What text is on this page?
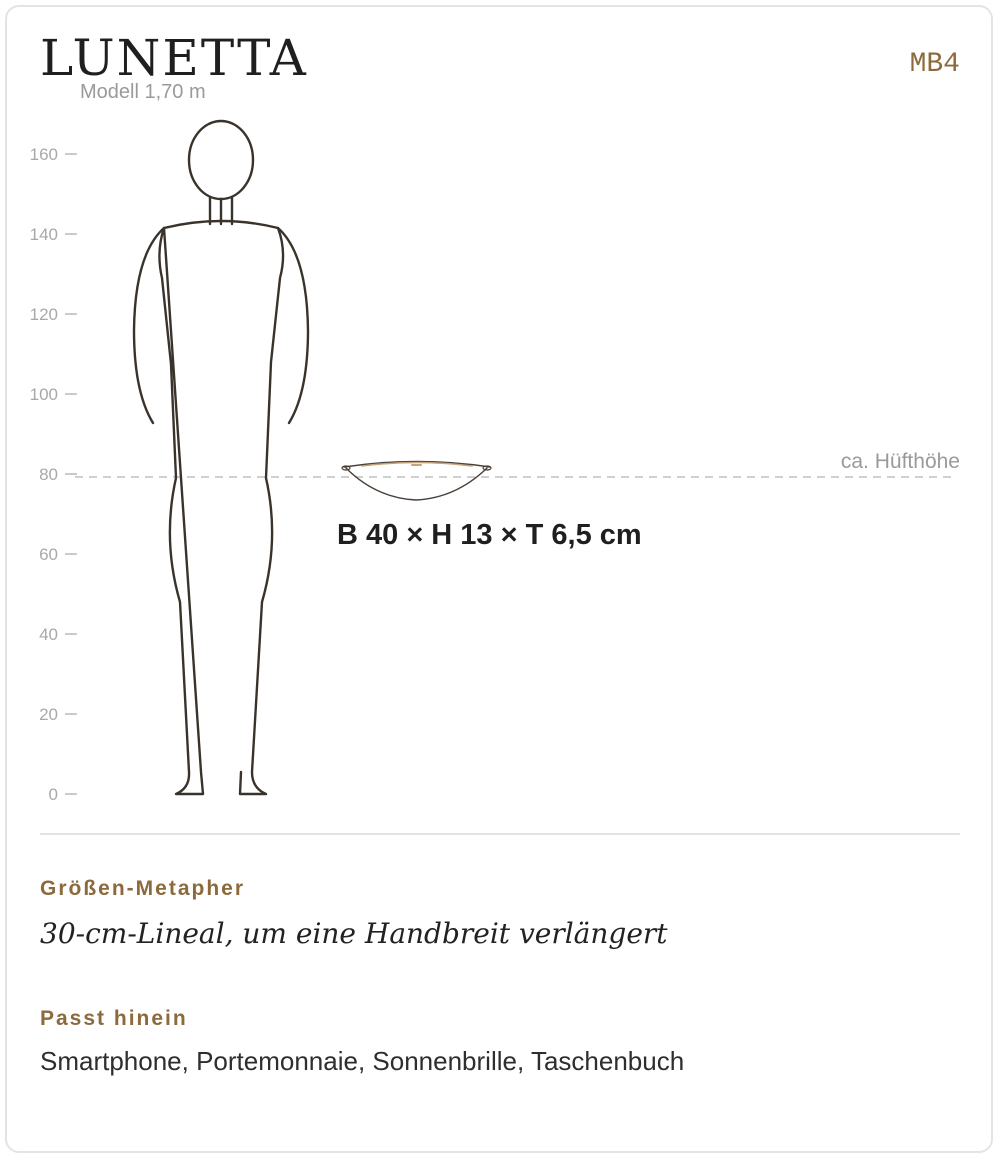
LUNETTA
Modell 1,70 m
MB4
160
140
120
100
80
60
40
20
0
ca. Hüfthöhe
B 40 × H 13 × T 6,5 cm
Größen-Metapher
30-cm-Lineal, um eine Handbreit verlängert
Passt hinein
Smartphone, Portemonnaie, Sonnenbrille, Taschenbuch
